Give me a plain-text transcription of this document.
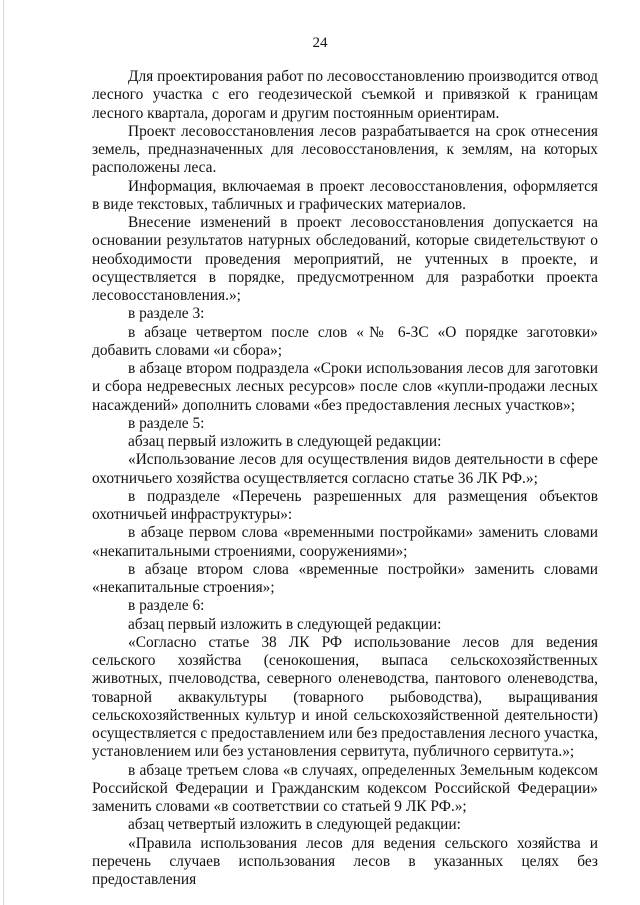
24

Для проектирования работ по лесовосстановлению производится отвод лесного участка с его геодезической съемкой и привязкой к границам лесного квартала, дорогам и другим постоянным ориентирам.

Проект лесовосстановления лесов разрабатывается на срок отнесения земель, предназначенных для лесовосстановления, к землям, на которых расположены леса.

Информация, включаемая в проект лесовосстановления, оформляется в виде текстовых, табличных и графических материалов.

Внесение изменений в проект лесовосстановления допускается на основании результатов натурных обследований, которые свидетельствуют о необходимости проведения мероприятий, не учтенных в проекте, и осуществляется в порядке, предусмотренном для разработки проекта лесовосстановления.»;

в разделе 3:

в абзаце четвертом после слов «№ 6-ЗС «О порядке заготовки» добавить словами «и сбора»;

в абзаце втором подраздела «Сроки использования лесов для заготовки и сбора недревесных лесных ресурсов» после слов «купли-продажи лесных насаждений» дополнить словами «без предоставления лесных участков»;

в разделе 5:

абзац первый изложить в следующей редакции:

«Использование лесов для осуществления видов деятельности в сфере охотничьего хозяйства осуществляется согласно статье 36 ЛК РФ.»;

в подразделе «Перечень разрешенных для размещения объектов охотничьей инфраструктуры»:

в абзаце первом слова «временными постройками» заменить словами «некапитальными строениями, сооружениями»;

в абзаце втором слова «временные постройки» заменить словами «некапитальные строения»;

в разделе 6:

абзац первый изложить в следующей редакции:

«Согласно статье 38 ЛК РФ использование лесов для ведения сельского хозяйства (сенокошения, выпаса сельскохозяйственных животных, пчеловодства, северного оленеводства, пантового оленеводства, товарной аквакультуры (товарного рыбоводства), выращивания сельскохозяйственных культур и иной сельскохозяйственной деятельности) осуществляется с предоставлением или без предоставления лесного участка, установлением или без установления сервитута, публичного сервитута.»;

в абзаце третьем слова «в случаях, определенных Земельным кодексом Российской Федерации и Гражданским кодексом Российской Федерации» заменить словами «в соответствии со статьей 9 ЛК РФ.»;

абзац четвертый изложить в следующей редакции:

«Правила использования лесов для ведения сельского хозяйства и перечень случаев использования лесов в указанных целях без предоставления
